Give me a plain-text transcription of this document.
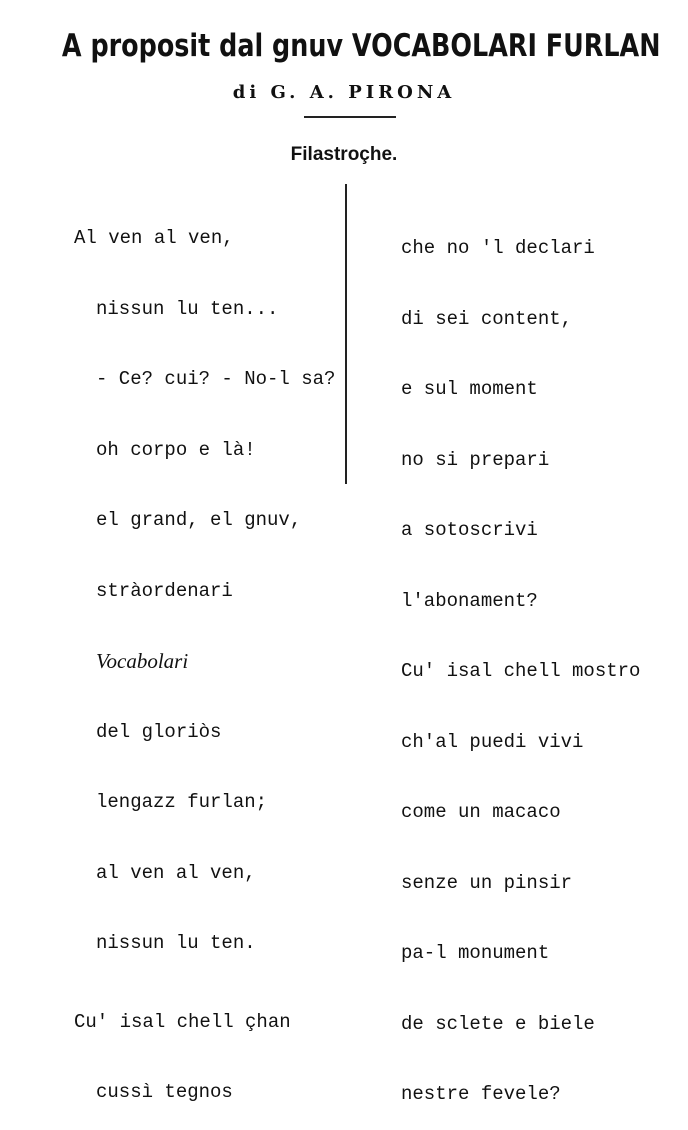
A proposit dal gnuv VOCABOLARI FURLAN
di G. A. PIRONA
Filastroçhe.

Al ven al ven,

nissun lu ten...

- Ce? cui? - No-l sa?

oh corpo e là!

el grand, el gnuv,

stràordenari

Vocabolari

del gloriòs

lengazz furlan;

al ven al ven,

nissun lu ten.

Cu' isal chell çhan

cussì tegnos

che no 'l declari

di sei content,

e sul moment

no si prepari

a sotoscrivi

l'abonament?

Cu' isal chell mostro

ch'al puedi vivi

come un macaco

senze un pinsir

pa-l monument

de sclete e biele

nestre fevele?
